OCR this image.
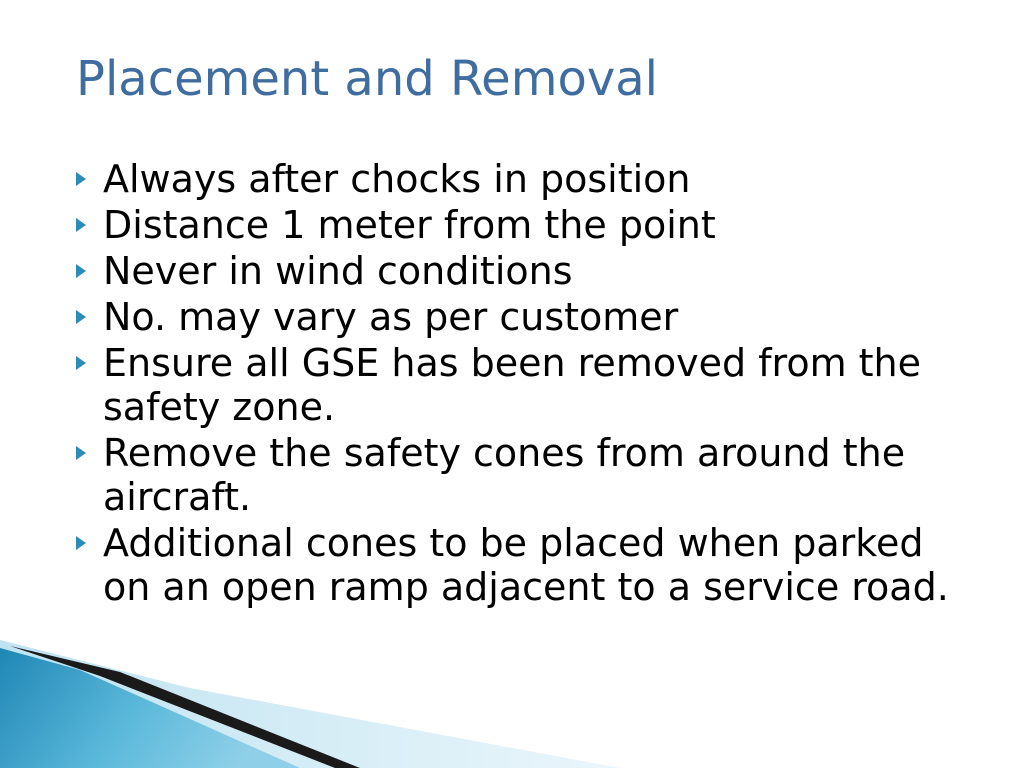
Placement and Removal
Always after chocks in position
Distance 1 meter from the point
Never in wind conditions
No. may vary as per customer
Ensure all GSE has been removed from the safety zone.
Remove the safety cones from around the aircraft.
Additional cones to be placed when parked on an open ramp adjacent to a service road.
